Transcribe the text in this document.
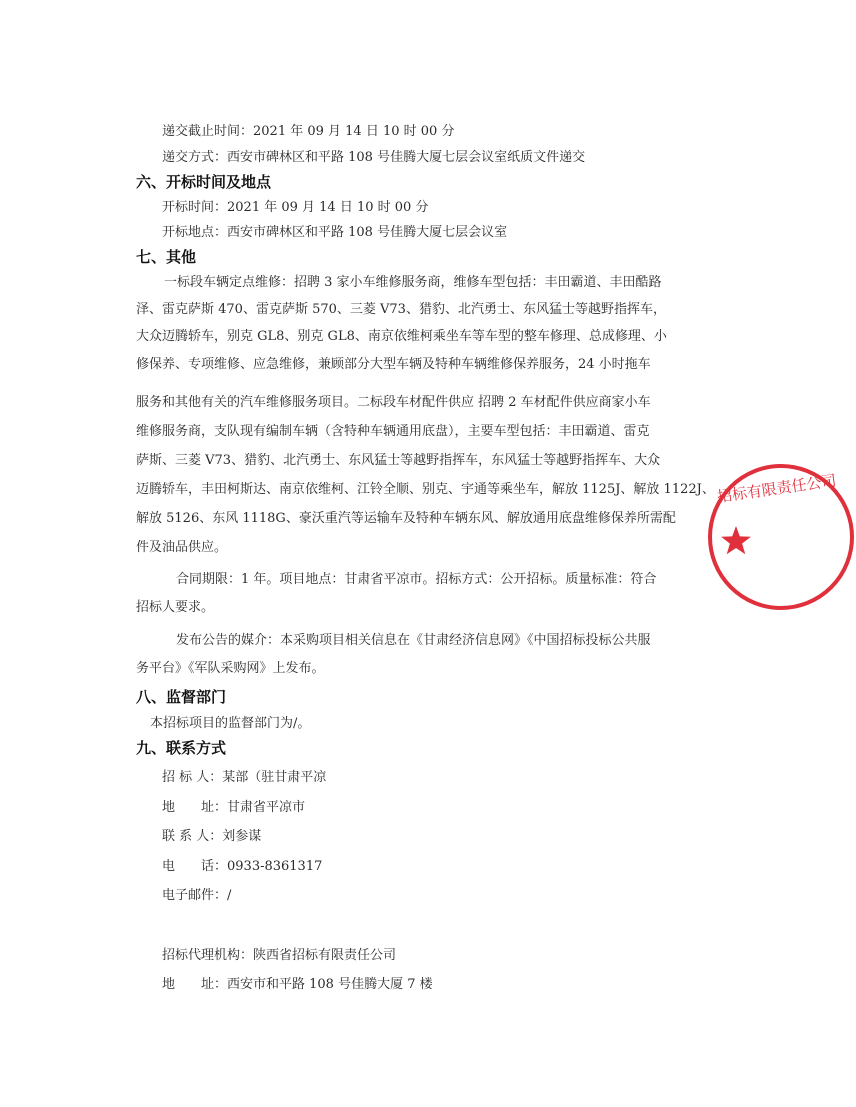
递交截止时间：2021 年 09 月 14 日 10 时 00 分
递交方式：西安市碑林区和平路 108 号佳腾大厦七层会议室纸质文件递交
六、开标时间及地点
开标时间：2021 年 09 月 14 日 10 时 00 分
开标地点：西安市碑林区和平路 108 号佳腾大厦七层会议室
七、其他
一标段车辆定点维修：招聘 3 家小车维修服务商，维修车型包括：丰田霸道、丰田酷路
泽、雷克萨斯 470、雷克萨斯 570、三菱 V73、猎豹、北汽勇士、东风猛士等越野指挥车，
大众迈腾轿车，别克 GL8、别克 GL8、南京依维柯乘坐车等车型的整车修理、总成修理、小
修保养、专项维修、应急维修，兼顾部分大型车辆及特种车辆维修保养服务，24 小时拖车
服务和其他有关的汽车维修服务项目。二标段车材配件供应 招聘 2 车材配件供应商家小车
维修服务商，支队现有编制车辆（含特种车辆通用底盘），主要车型包括：丰田霸道、雷克
萨斯、三菱 V73、猎豹、北汽勇士、东风猛士等越野指挥车，东风猛士等越野指挥车、大众
迈腾轿车，丰田柯斯达、南京依维柯、江铃全顺、别克、宇通等乘坐车，解放 1125J、解放 1122J、
解放 5126、东风 1118G、豪沃重汽等运输车及特种车辆东风、解放通用底盘维修保养所需配
件及油品供应。
合同期限：1 年。项目地点：甘肃省平凉市。招标方式：公开招标。质量标准：符合
招标人要求。
发布公告的媒介：本采购项目相关信息在《甘肃经济信息网》《中国招标投标公共服
务平台》《军队采购网》上发布。
八、监督部门
本招标项目的监督部门为/。
九、联系方式
招 标 人：某部（驻甘肃平凉
地　　址：甘肃省平凉市
联 系 人：刘参谋
电　　话：0933-8361317
电子邮件：/
招标代理机构：陕西省招标有限责任公司
地　　址：西安市和平路 108 号佳腾大厦 7 楼
招标有限责任公司
